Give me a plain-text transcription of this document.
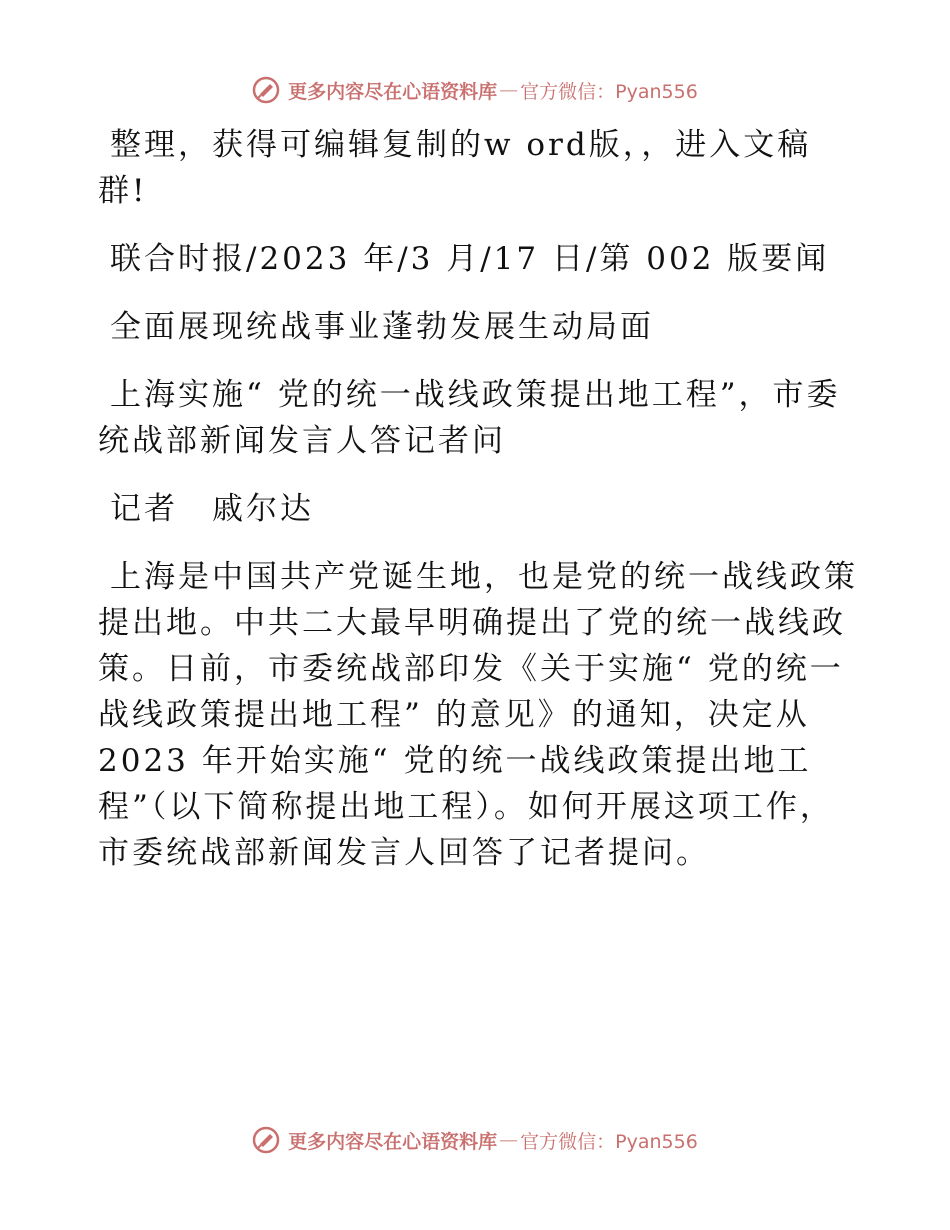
更多内容尽在心语资料库 — 官方微信：Pyan556

整理，获得可编辑复制的w ord版，，进入文稿群!

联合时报/2023 年/3 月/17 日/第 002 版要闻

全面展现统战事业蓬勃发展生动局面

上海实施“ 党的统一战线政策提出地工程”，市委统战部新闻发言人答记者问

记者　戚尔达

上海是中国共产党诞生地，也是党的统一战线政策提出地。中共二大最早明确提出了党的统一战线政策。日前，市委统战部印发《关于实施“ 党的统一战线政策提出地工程” 的意见》的通知，决定从 2023 年开始实施“ 党的统一战线政策提出地工程”（以下简称提出地工程）。如何开展这项工作，市委统战部新闻发言人回答了记者提问。

更多内容尽在心语资料库 — 官方微信：Pyan556
